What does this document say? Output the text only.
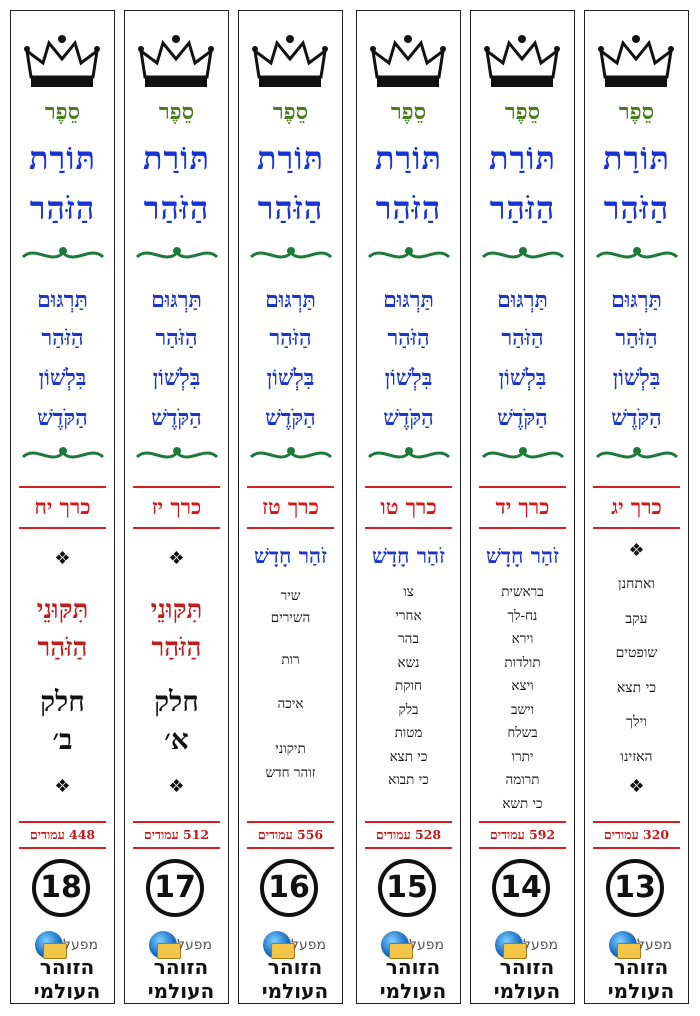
סֵפֶר
תּוֹרַת
הַזֹּהַר
תַּרְגּוּם
הַזֹּהַר
בִּלְשׁוֹן
הַקֹּדֶשׁ
כרך יח
❖
תִּקּוּנֵי
הַזֹּהַר
חלק
ב׳
❖
448 עמודים
18
מפעל
הזוהר
העולמי
סֵפֶר
תּוֹרַת
הַזֹּהַר
תַּרְגּוּם
הַזֹּהַר
בִּלְשׁוֹן
הַקֹּדֶשׁ
כרך יז
❖
תִּקּוּנֵי
הַזֹּהַר
חלק
א׳
❖
512 עמודים
17
מפעל
הזוהר
העולמי
סֵפֶר
תּוֹרַת
הַזֹּהַר
תַּרְגּוּם
הַזֹּהַר
בִּלְשׁוֹן
הַקֹּדֶשׁ
כרך טז
זֹהַר חָדָשׁ
שיר
השירים
רות
איכה
תיקוני
זוהר חדש
556 עמודים
16
מפעל
הזוהר
העולמי
סֵפֶר
תּוֹרַת
הַזֹּהַר
תַּרְגּוּם
הַזֹּהַר
בִּלְשׁוֹן
הַקֹּדֶשׁ
כרך טו
זֹהַר חָדָשׁ
צו
אחרי
בהר
נשא
חוקת
בלק
מטות
כי תצא
כי תבוא
528 עמודים
15
מפעל
הזוהר
העולמי
סֵפֶר
תּוֹרַת
הַזֹּהַר
תַּרְגּוּם
הַזֹּהַר
בִּלְשׁוֹן
הַקֹּדֶשׁ
כרך יד
זֹהַר חָדָשׁ
בראשית
נח-לך
וירא
תולדות
ויצא
וישב
בשלח
יתרו
תרומה
כי תשא
592 עמודים
14
מפעל
הזוהר
העולמי
סֵפֶר
תּוֹרַת
הַזֹּהַר
תַּרְגּוּם
הַזֹּהַר
בִּלְשׁוֹן
הַקֹּדֶשׁ
כרך יג
❖
ואתחנן
עקב
שופטים
כי תצא
וילך
האזינו
❖
320 עמודים
13
מפעל
הזוהר
העולמי
